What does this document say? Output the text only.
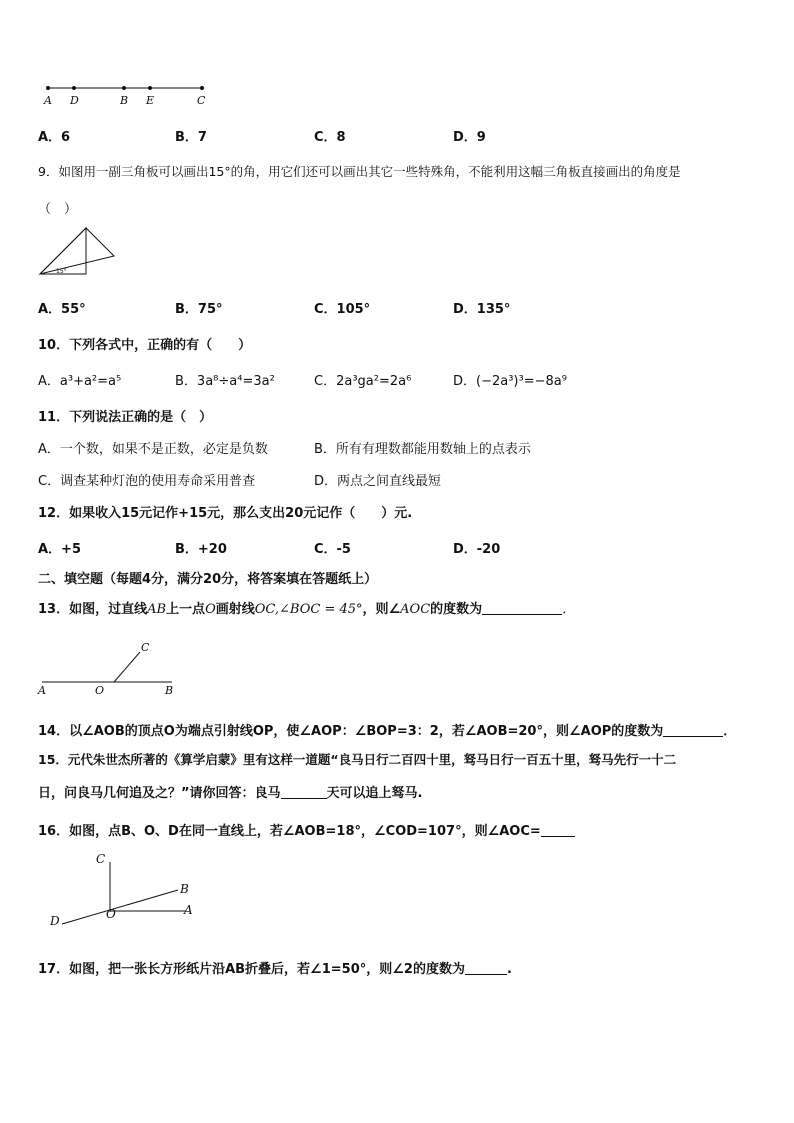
A D	B E	C
A．6	B．7	C．8	D．9
9．如图用一副三角板可以画出15°的角，用它们还可以画出其它一些特殊角，不能利用这幅三角板直接画出的角度是
（　）
15°
A．55°	B．75°	C．105°	D．135°
10．下列各式中，正确的有（　　）
A．a³+a²=a⁵	B．3a⁸÷a⁴=3a²	C．2a³ga²=2a⁶	D．(−2a³)³=−8a⁹
11．下列说法正确的是（　）
A．一个数，如果不是正数，必定是负数	B．所有有理数都能用数轴上的点表示
C．调查某种灯泡的使用寿命采用普查	D．两点之间直线最短
12．如果收入15元记作+15元，那么支出20元记作（　　）元.
A．+5	B．+20	C．-5	D．-20
二、填空题（每题4分，满分20分，将答案填在答题纸上）
13．如图，过直线AB上一点O画射线OC,∠BOC = 45°，则∠AOC的度数为	．
A	O	B
C
14．以∠AOB的顶点O为端点引射线OP，使∠AOP：∠BOP=3：2，若∠AOB=20°，则∠AOP的度数为	．
15．元代朱世杰所著的《算学启蒙》里有这样一道题“良马日行二百四十里，驽马日行一百五十里，驽马先行一十二
日，问良马几何追及之？”请你回答：良马	天可以追上驽马.
16．如图，点B、O、D在同一直线上，若∠AOB=18°，∠COD=107°，则∠AOC=
C
B
D	O	A
17．如图，把一张长方形纸片沿AB折叠后，若∠1=50°，则∠2的度数为	.
